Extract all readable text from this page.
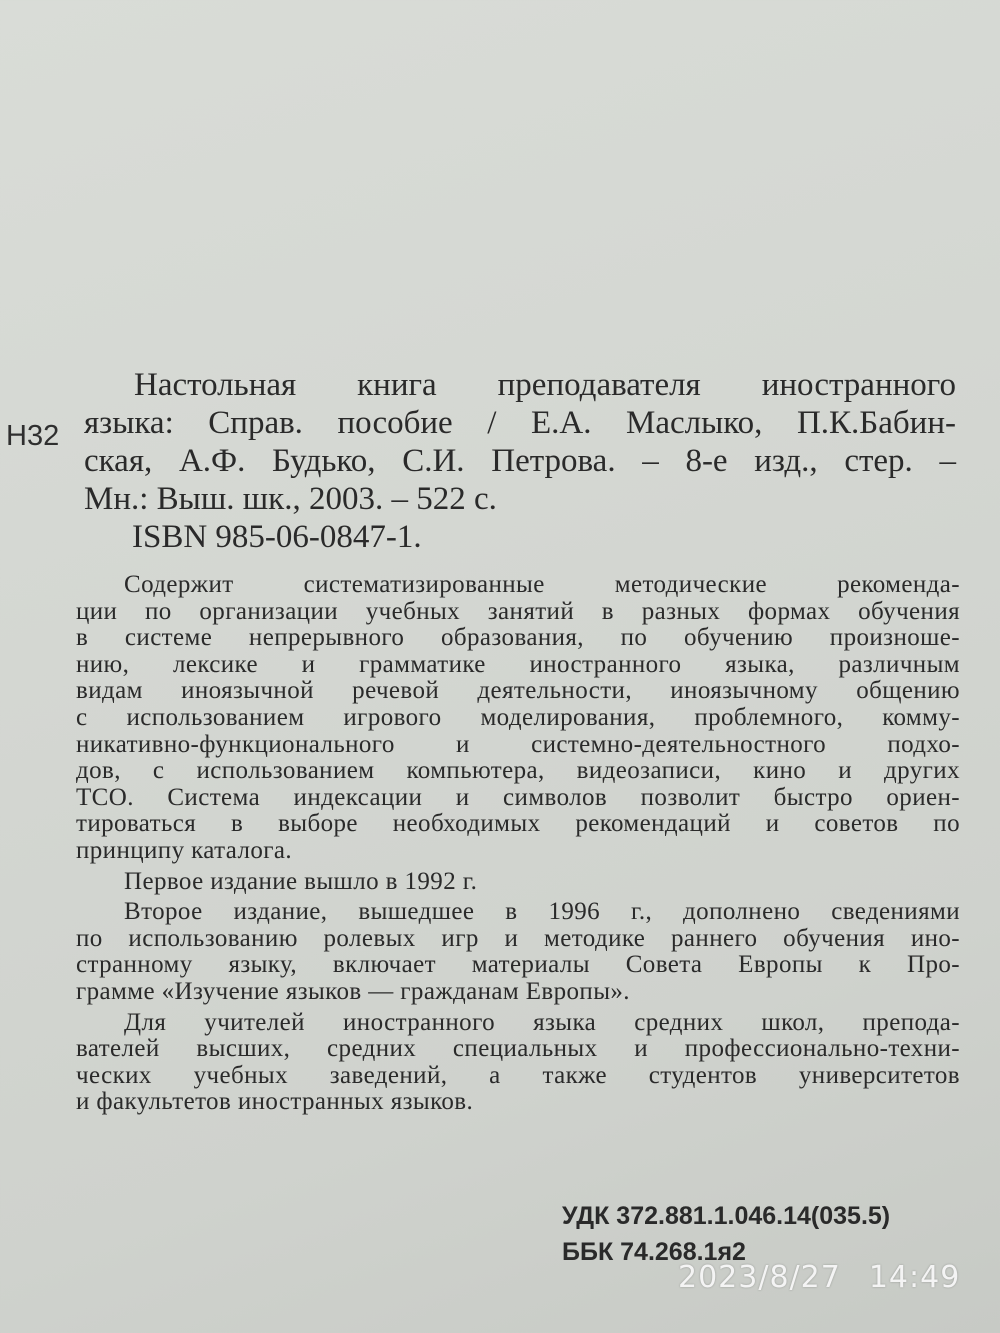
Н32
Настольная книга преподавателя иностранного
языка: Справ. пособие / Е.А. Маслыко, П.К.Бабин-
ская, А.Ф. Будько, С.И. Петрова. – 8-е изд., стер. –
Мн.: Выш. шк., 2003. – 522 с.
ISBN 985-06-0847-1.
Содержит систематизированные методические рекоменда-
ции по организации учебных занятий в разных формах обучения
в системе непрерывного образования, по обучению произноше-
нию, лексике и грамматике иностранного языка, различным
видам иноязычной речевой деятельности, иноязычному общению
с использованием игрового моделирования, проблемного, комму-
никативно-функционального и системно-деятельностного подхо-
дов, с использованием компьютера, видеозаписи, кино и других
ТСО. Система индексации и символов позволит быстро ориен-
тироваться в выборе необходимых рекомендаций и советов по
принципу каталога.
Первое издание вышло в 1992 г.
Второе издание, вышедшее в 1996 г., дополнено сведениями
по использованию ролевых игр и методике раннего обучения ино-
странному языку, включает материалы Совета Европы к Про-
грамме «Изучение языков — гражданам Европы».
Для учителей иностранного языка средних школ, препода-
вателей высших, средних специальных и профессионально-техни-
ческих учебных заведений, а также студентов университетов
и факультетов иностранных языков.
УДК 372.881.1.046.14(035.5)
ББК 74.268.1я2
2023/8/27 14:49
